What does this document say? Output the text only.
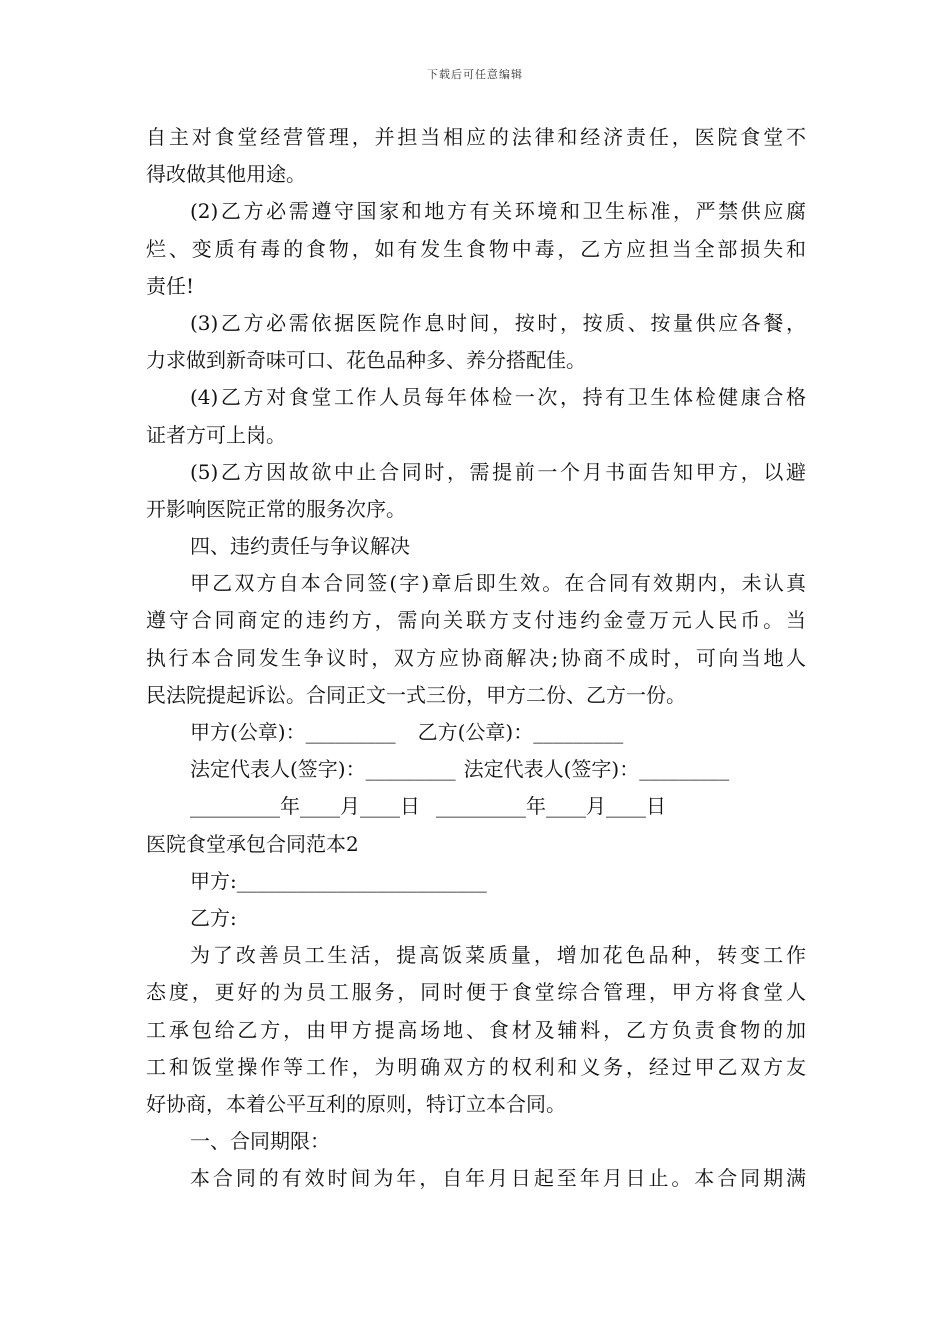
下载后可任意编辑
自主对食堂经营管理，并担当相应的法律和经济责任，医院食堂不
得改做其他用途。
(2)乙方必需遵守国家和地方有关环境和卫生标准，严禁供应腐
烂、变质有毒的食物，如有发生食物中毒，乙方应担当全部损失和
责任!
(3)乙方必需依据医院作息时间，按时，按质、按量供应各餐，
力求做到新奇味可口、花色品种多、养分搭配佳。
(4)乙方对食堂工作人员每年体检一次，持有卫生体检健康合格
证者方可上岗。
(5)乙方因故欲中止合同时，需提前一个月书面告知甲方，以避
开影响医院正常的服务次序。
四、违约责任与争议解决
甲乙双方自本合同签(字)章后即生效。在合同有效期内，未认真
遵守合同商定的违约方，需向关联方支付违约金壹万元人民币。当
执行本合同发生争议时，双方应协商解决;协商不成时，可向当地人
民法院提起诉讼。合同正文一式三份，甲方二份、乙方一份。
甲方(公章)：_________ 乙方(公章)：_________
法定代表人(签字)：_________ 法定代表人(签字)：_________
_________年____月____日 _________年____月____日
医院食堂承包合同范本2
甲方:_________________________
乙方:
为了改善员工生活，提高饭菜质量，增加花色品种，转变工作
态度，更好的为员工服务，同时便于食堂综合管理，甲方将食堂人
工承包给乙方，由甲方提高场地、食材及辅料，乙方负责食物的加
工和饭堂操作等工作，为明确双方的权利和义务，经过甲乙双方友
好协商，本着公平互利的原则，特订立本合同。
一、合同期限：
本合同的有效时间为年，自年月日起至年月日止。本合同期满
